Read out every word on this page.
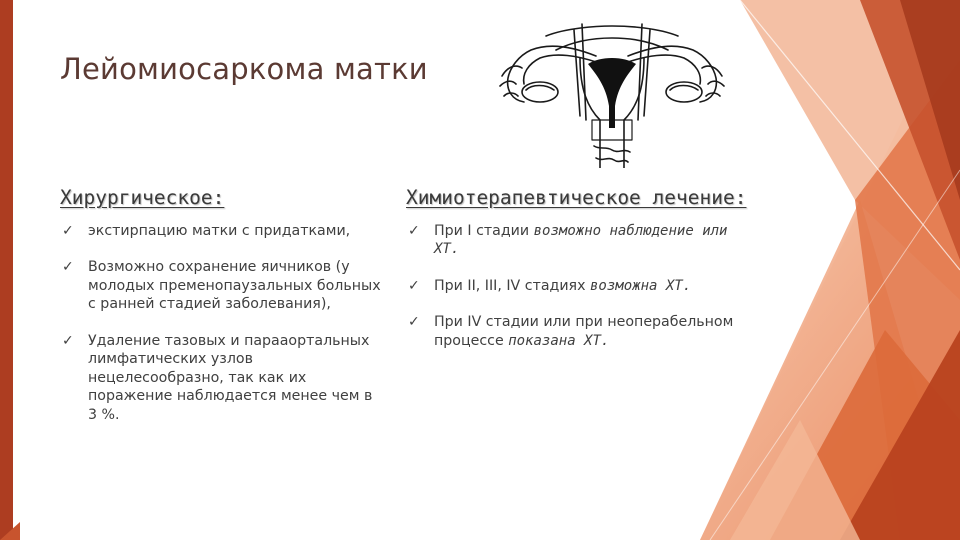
Лейомиосаркома матки
Хирургическое:
✓ экстирпацию матки с придатками,
✓ Возможно сохранение яичников (у молодых пременопаузальных больных с ранней стадией заболевания),
✓ Удаление тазовых и парааортальных лимфатических узлов нецелесообразно, так как их поражение наблюдается менее чем в 3 %.
Химиотерапевтическое лечение:
✓ При I стадии возможно наблюдение или ХТ.
✓ При II, III, IV стадиях возможна ХТ.
✓ При IV стадии или при неоперабельном процессе показана ХТ.
